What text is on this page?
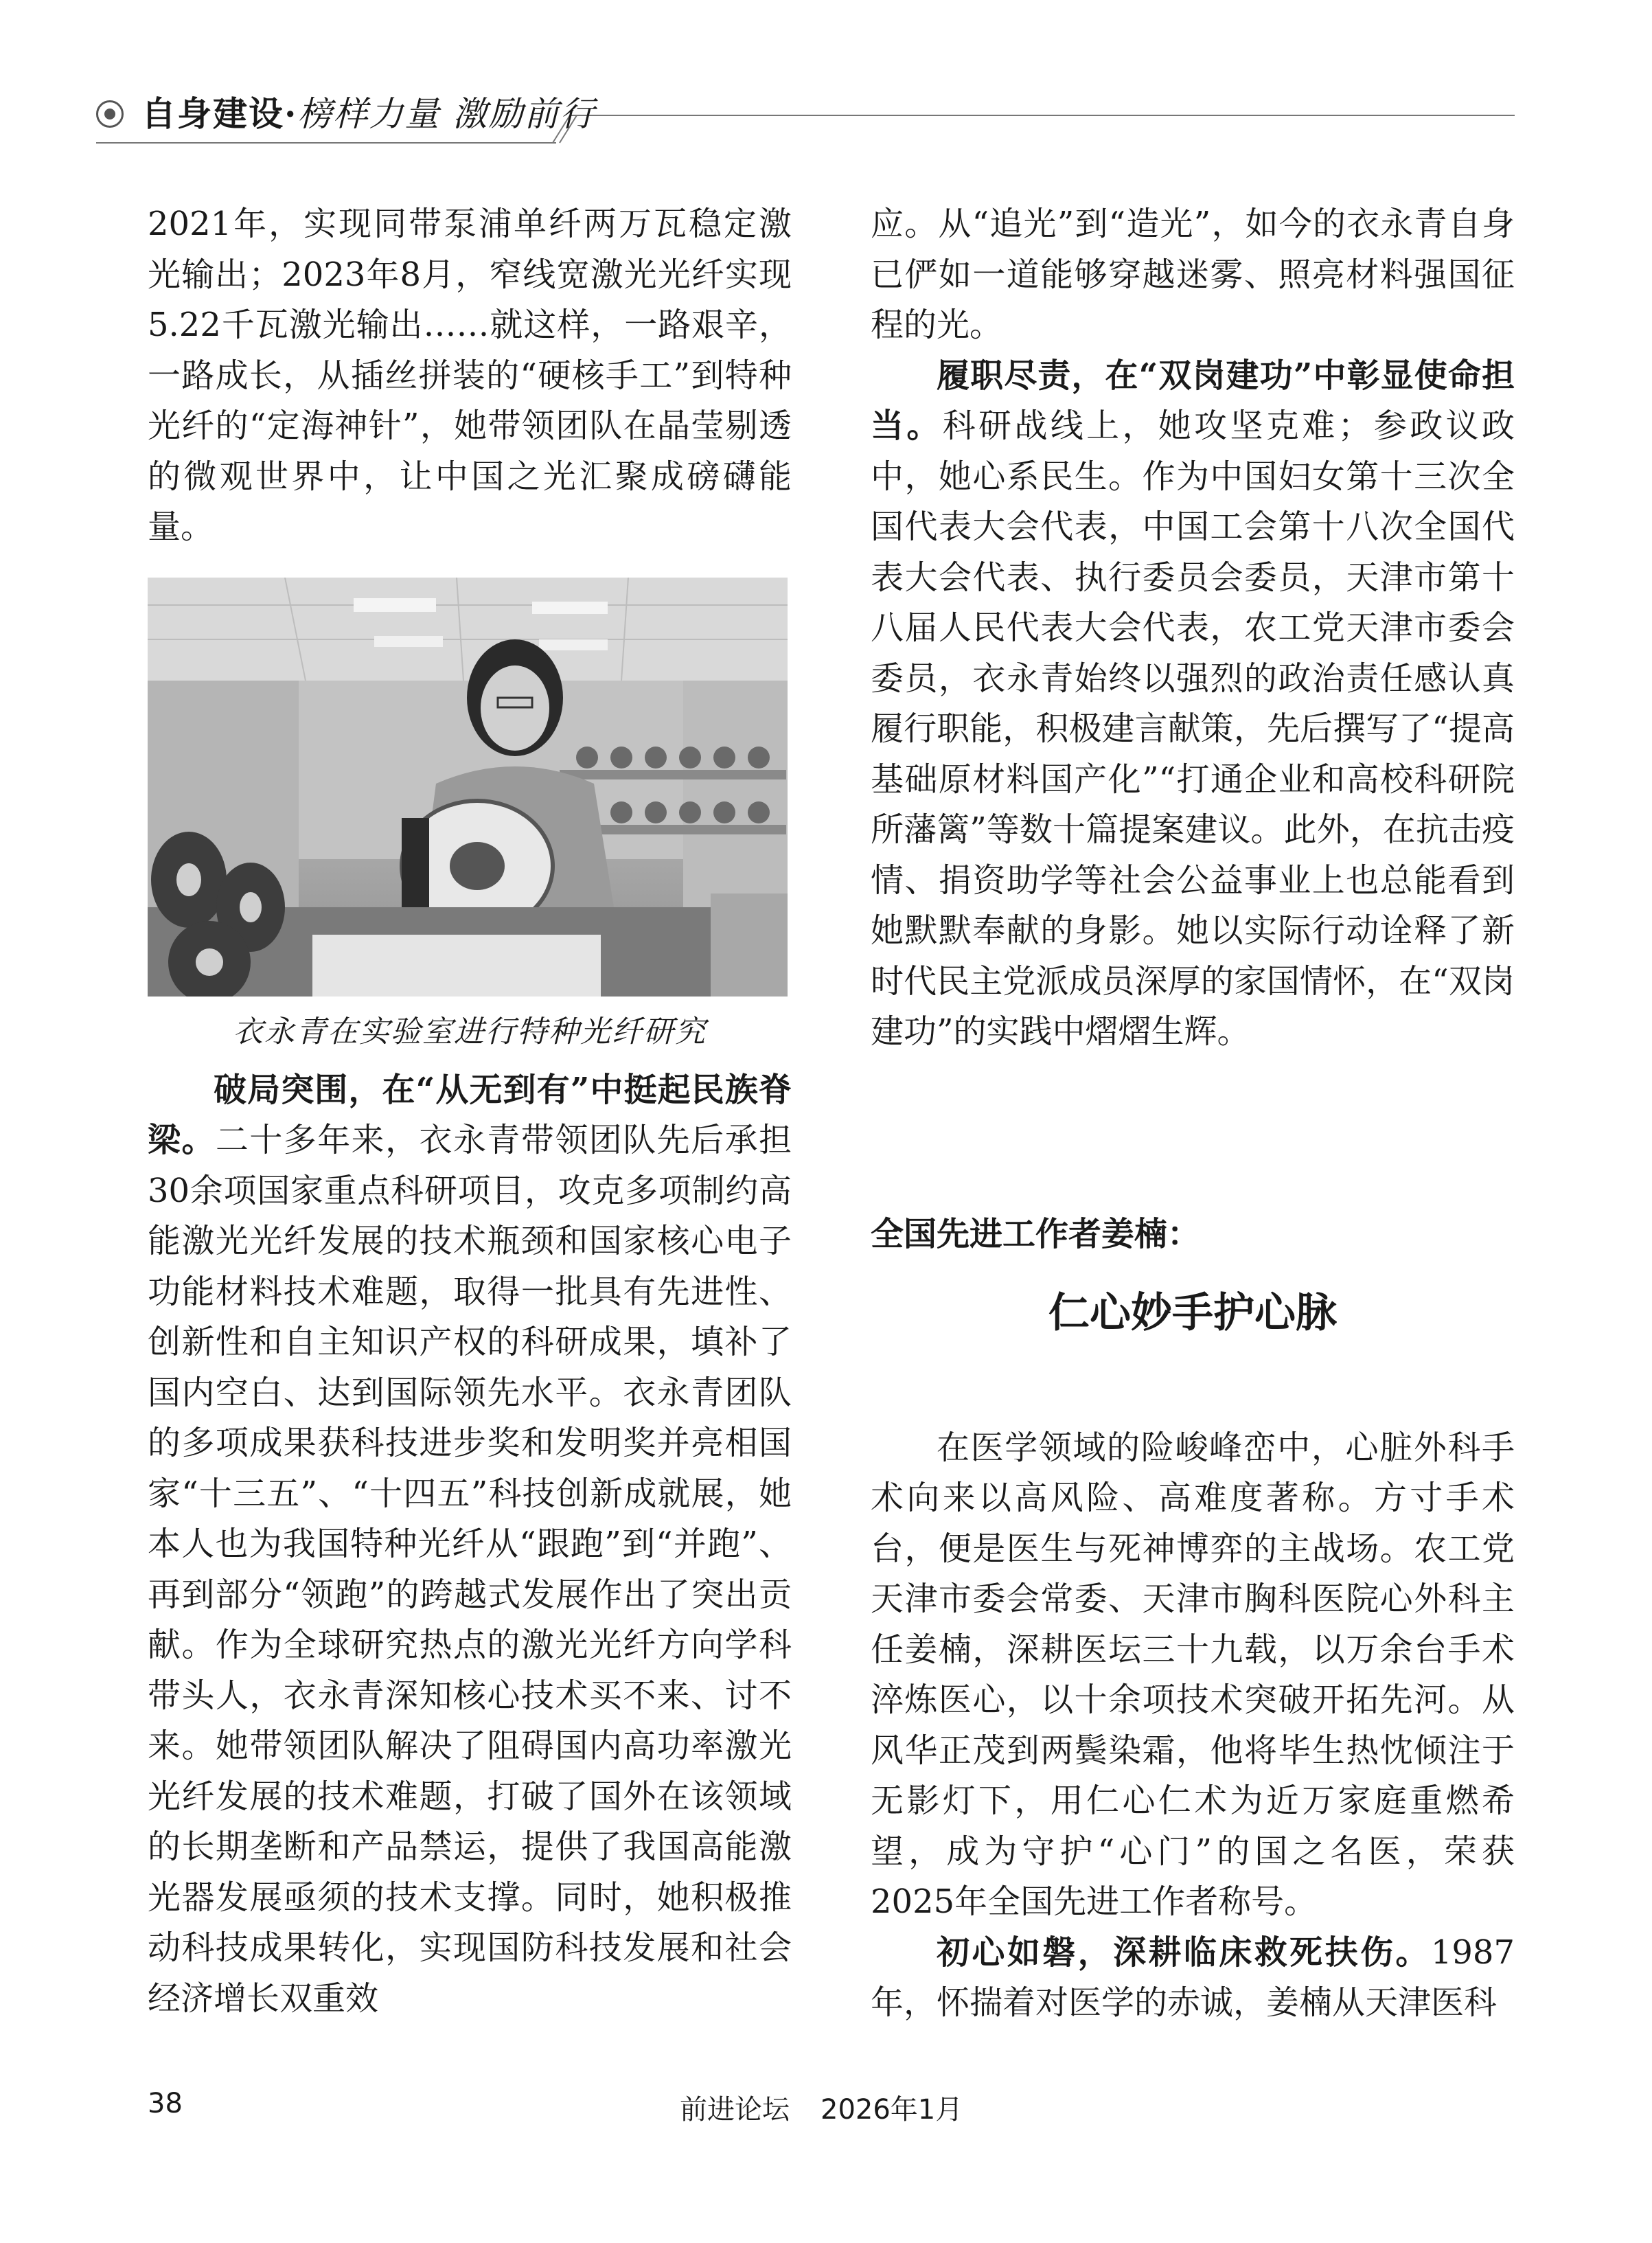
自身建设·榜样力量 激励前行

2021年，实现同带泵浦单纤两万瓦稳定激光输出；2023年8月，窄线宽激光光纤实现5.22千瓦激光输出……就这样，一路艰辛，一路成长，从插丝拼装的“硬核手工”到特种光纤的“定海神针”，她带领团队在晶莹剔透的微观世界中，让中国之光汇聚成磅礴能量。

衣永青在实验室进行特种光纤研究

破局突围，在“从无到有”中挺起民族脊梁。二十多年来，衣永青带领团队先后承担30余项国家重点科研项目，攻克多项制约高能激光光纤发展的技术瓶颈和国家核心电子功能材料技术难题，取得一批具有先进性、创新性和自主知识产权的科研成果，填补了国内空白、达到国际领先水平。衣永青团队的多项成果获科技进步奖和发明奖并亮相国家“十三五”、“十四五”科技创新成就展，她本人也为我国特种光纤从“跟跑”到“并跑”、再到部分“领跑”的跨越式发展作出了突出贡献。作为全球研究热点的激光光纤方向学科带头人，衣永青深知核心技术买不来、讨不来。她带领团队解决了阻碍国内高功率激光光纤发展的技术难题，打破了国外在该领域的长期垄断和产品禁运，提供了我国高能激光器发展亟须的技术支撑。同时，她积极推动科技成果转化，实现国防科技发展和社会经济增长双重效

应。从“追光”到“造光”，如今的衣永青自身已俨如一道能够穿越迷雾、照亮材料强国征程的光。

履职尽责，在“双岗建功”中彰显使命担当。科研战线上，她攻坚克难；参政议政中，她心系民生。作为中国妇女第十三次全国代表大会代表，中国工会第十八次全国代表大会代表、执行委员会委员，天津市第十八届人民代表大会代表，农工党天津市委会委员，衣永青始终以强烈的政治责任感认真履行职能，积极建言献策，先后撰写了“提高基础原材料国产化”“打通企业和高校科研院所藩篱”等数十篇提案建议。此外，在抗击疫情、捐资助学等社会公益事业上也总能看到她默默奉献的身影。她以实际行动诠释了新时代民主党派成员深厚的家国情怀，在“双岗建功”的实践中熠熠生辉。

全国先进工作者姜楠：

仁心妙手护心脉

在医学领域的险峻峰峦中，心脏外科手术向来以高风险、高难度著称。方寸手术台，便是医生与死神博弈的主战场。农工党天津市委会常委、天津市胸科医院心外科主任姜楠，深耕医坛三十九载，以万余台手术淬炼医心，以十余项技术突破开拓先河。从风华正茂到两鬓染霜，他将毕生热忱倾注于无影灯下，用仁心仁术为近万家庭重燃希望，成为守护“心门”的国之名医，荣获2025年全国先进工作者称号。

初心如磐，深耕临床救死扶伤。1987年，怀揣着对医学的赤诚，姜楠从天津医科

38	前进论坛 2026年1月
